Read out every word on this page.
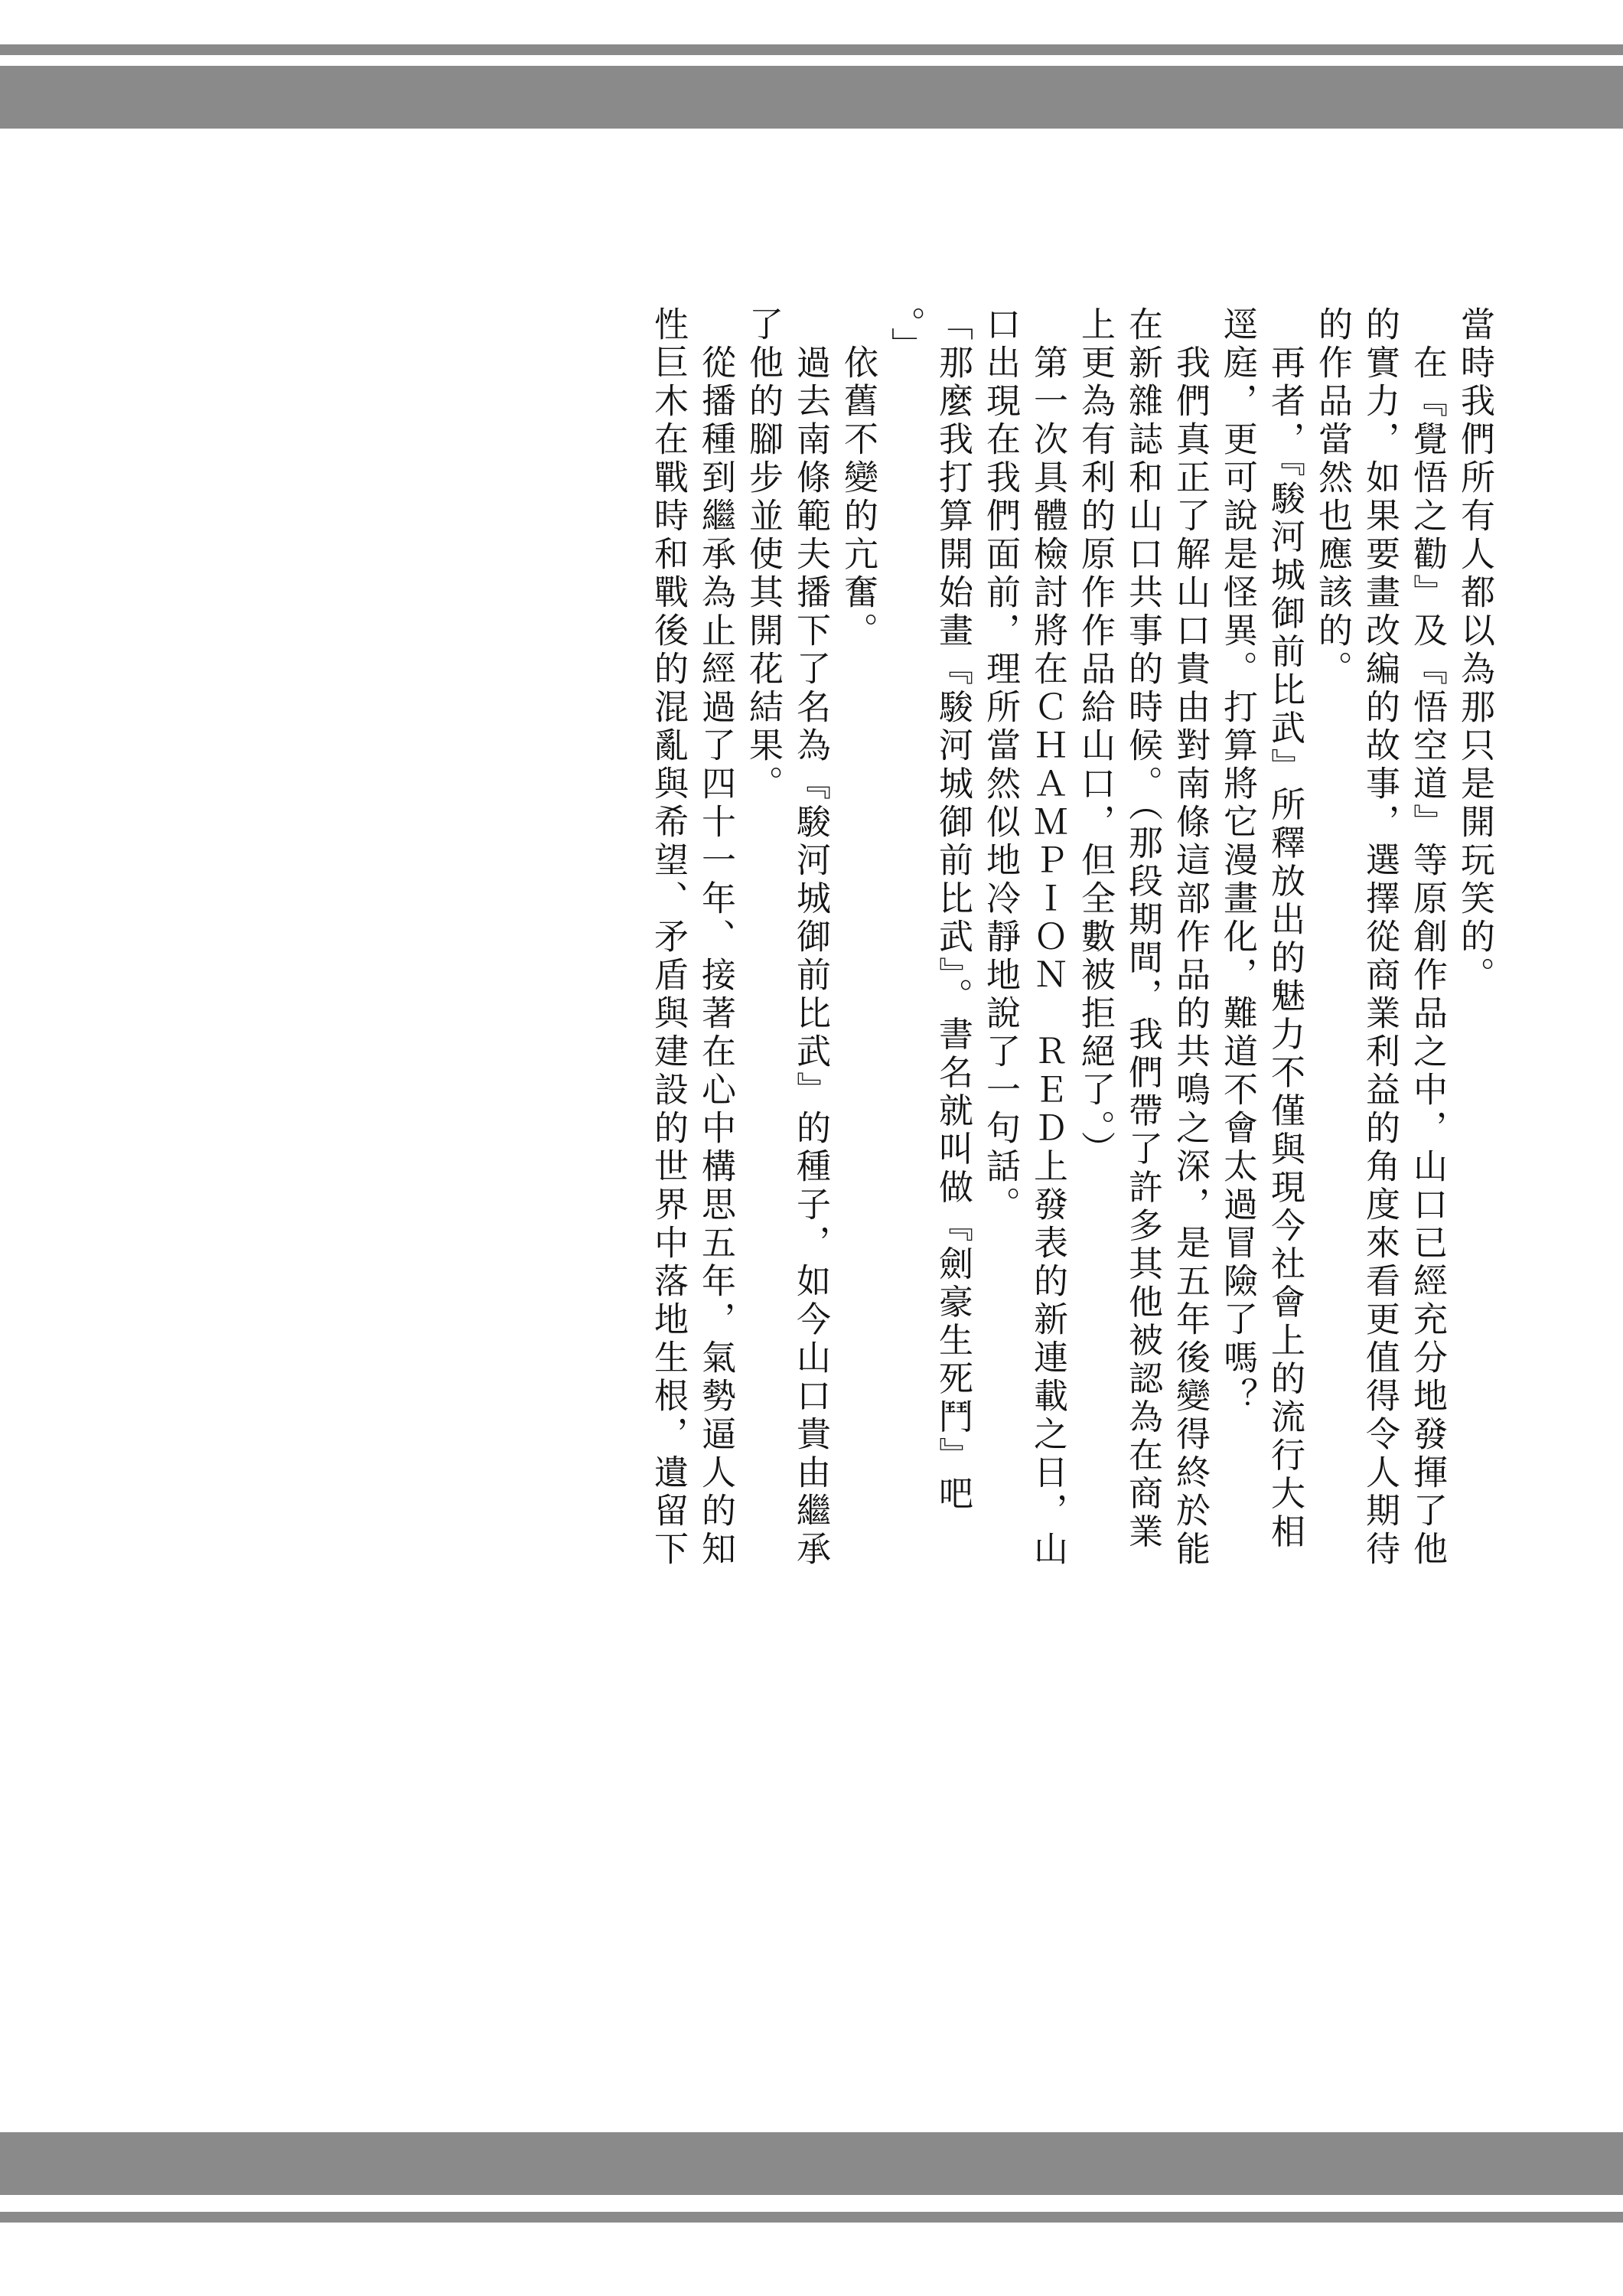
當時我們所有人都以為那只是開玩笑的。
　在『覺悟之勸』及『悟空道』等原創作品之中，山口已經充分地發揮了他
的實力，如果要畫改編的故事，選擇從商業利益的角度來看更值得令人期待
的作品當然也應該的。
　再者，『駿河城御前比武』所釋放出的魅力不僅與現今社會上的流行大相
逕庭，更可說是怪異。打算將它漫畫化，難道不會太過冒險了嗎？
　我們真正了解山口貴由對南條這部作品的共鳴之深，是五年後變得終於能
在新雜誌和山口共事的時候。（那段期間，我們帶了許多其他被認為在商業
上更為有利的原作作品給山口，但全數被拒絕了。）
　第一次具體檢討將在ＣＨＡＭＰＩＯＮ　ＲＥＤ上發表的新連載之日，山
口出現在我們面前，理所當然似地冷靜地說了一句話。
「那麼我打算開始畫『駿河城御前比武』。書名就叫做『劍豪生死鬥』吧
。」
　依舊不變的亢奮。
　過去南條範夫播下了名為『駿河城御前比武』的種子，如今山口貴由繼承
了他的腳步並使其開花結果。
　從播種到繼承為止經過了四十一年、接著在心中構思五年，氣勢逼人的知
性巨木在戰時和戰後的混亂與希望、矛盾與建設的世界中落地生根，遺留下
